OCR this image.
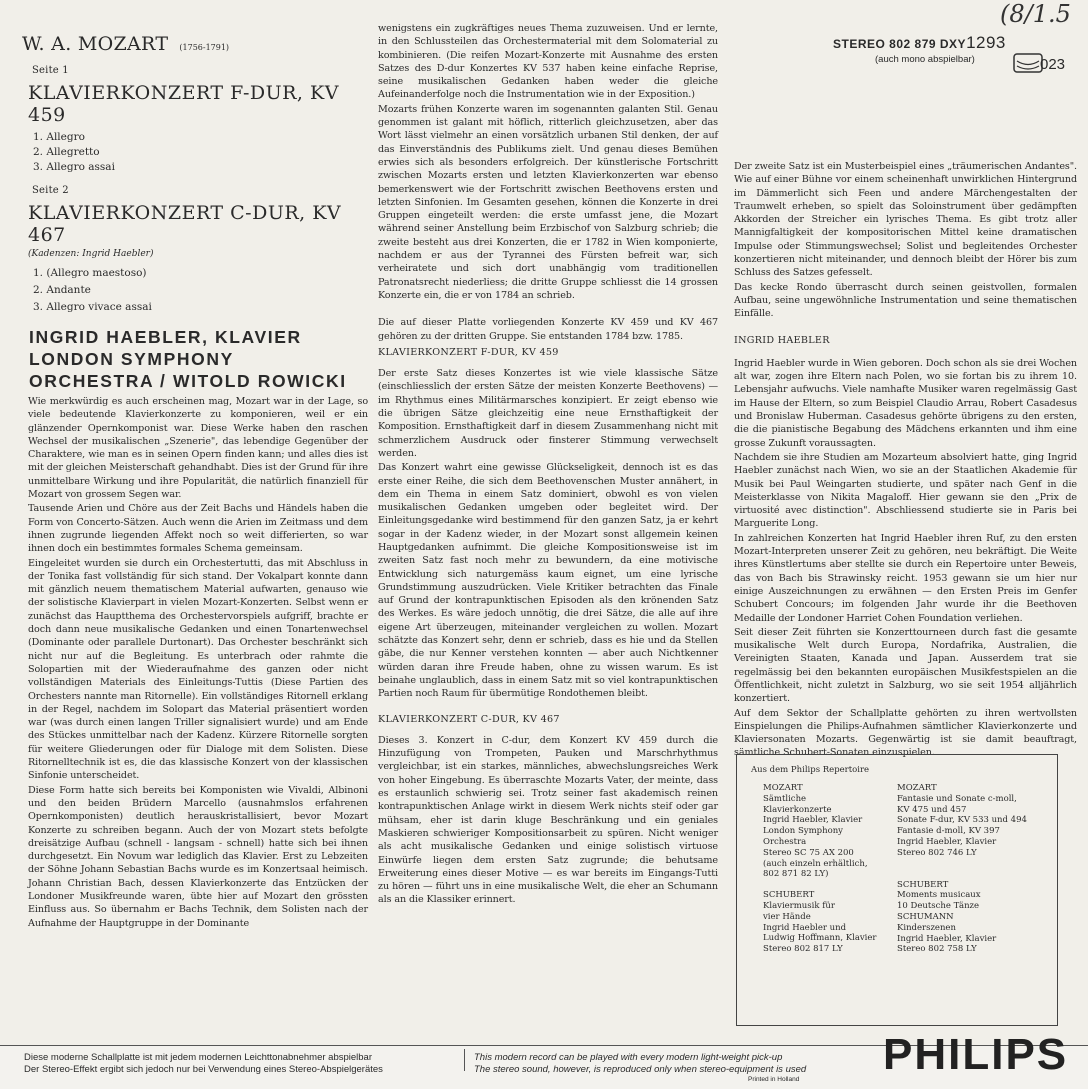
W. A. MOZART (1756-1791)
Seite 1
KLAVIERKONZERT F-DUR, KV 459
1. Allegro
2. Allegretto
3. Allegro assai
Seite 2
KLAVIERKONZERT C-DUR, KV 467
(Kadenzen: Ingrid Haebler)
1. (Allegro maestoso)
2. Andante
3. Allegro vivace assai
INGRID HAEBLER, KLAVIER
LONDON SYMPHONY
ORCHESTRA / WITOLD ROWICKI

Wie merkwürdig es auch erscheinen mag, Mozart war in der Lage, so viele bedeutende Klavierkonzerte zu komponieren, weil er ein glänzender Opernkomponist war. Diese Werke haben den raschen Wechsel der musikalischen „Szenerie", das lebendige Gegenüber der Charaktere, wie man es in seinen Opern finden kann; und alles dies ist mit der gleichen Meisterschaft gehandhabt. Dies ist der Grund für ihre unmittelbare Wirkung und ihre Popularität, die natürlich finanziell für Mozart von grossem Segen war.

Tausende Arien und Chöre aus der Zeit Bachs und Händels haben die Form von Concerto-Sätzen. Auch wenn die Arien im Zeitmass und dem ihnen zugrunde liegenden Affekt noch so weit differierten, so war ihnen doch ein bestimmtes formales Schema gemeinsam.

Eingeleitet wurden sie durch ein Orchestertutti, das mit Abschluss in der Tonika fast vollständig für sich stand. Der Vokalpart konnte dann mit gänzlich neuem thematischem Material aufwarten, genauso wie der solistische Klavierpart in vielen Mozart-Konzerten. Selbst wenn er zunächst das Hauptthema des Orchestervorspiels aufgriff, brachte er doch dann neue musikalische Gedanken und einen Tonartenwechsel (Dominante oder parallele Durtonart). Das Orchester beschränkt sich nicht nur auf die Begleitung. Es unterbrach oder rahmte die Solopartien mit der Wiederaufnahme des ganzen oder nicht vollständigen Materials des Einleitungs-Tuttis (Diese Partien des Orchesters nannte man Ritornelle). Ein vollständiges Ritornell erklang in der Regel, nachdem im Solopart das Material präsentiert worden war (was durch einen langen Triller signalisiert wurde) und am Ende des Stückes unmittelbar nach der Kadenz. Kürzere Ritornelle sorgten für weitere Gliederungen oder für Dialoge mit dem Solisten. Diese Ritornelltechnik ist es, die das klassische Konzert von der klassischen Sinfonie unterscheidet.

Diese Form hatte sich bereits bei Komponisten wie Vivaldi, Albinoni und den beiden Brüdern Marcello (ausnahmslos erfahrenen Opernkomponisten) deutlich herauskristallisiert, bevor Mozart Konzerte zu schreiben begann. Auch der von Mozart stets befolgte dreisätzige Aufbau (schnell - langsam - schnell) hatte sich bei ihnen durchgesetzt. Ein Novum war lediglich das Klavier. Erst zu Lebzeiten der Söhne Johann Sebastian Bachs wurde es im Konzertsaal heimisch. Johann Christian Bach, dessen Klavierkonzerte das Entzücken der Londoner Musikfreunde waren, übte hier auf Mozart den grössten Einfluss aus. So übernahm er Bachs Technik, dem Solisten nach der Aufnahme der Hauptgruppe in der Dominante

wenigstens ein zugkräftiges neues Thema zuzuweisen. Und er lernte, in den Schlussteilen das Orchestermaterial mit dem Solomaterial zu kombinieren. (Die reifen Mozart-Konzerte mit Ausnahme des ersten Satzes des D-dur Konzertes KV 537 haben keine einfache Reprise, seine musikalischen Gedanken haben weder die gleiche Aufeinanderfolge noch die Instrumentation wie in der Exposition.)

Mozarts frühen Konzerte waren im sogenannten galanten Stil. Genau genommen ist galant mit höflich, ritterlich gleichzusetzen, aber das Wort lässt vielmehr an einen vorsätzlich urbanen Stil denken, der auf das Einverständnis des Publikums zielt. Und genau dieses Bemühen erwies sich als besonders erfolgreich. Der künstlerische Fortschritt zwischen Mozarts ersten und letzten Klavierkonzerten war ebenso bemerkenswert wie der Fortschritt zwischen Beethovens ersten und letzten Sinfonien. Im Gesamten gesehen, können die Konzerte in drei Gruppen eingeteilt werden: die erste umfasst jene, die Mozart während seiner Anstellung beim Erzbischof von Salzburg schrieb; die zweite besteht aus drei Konzerten, die er 1782 in Wien komponierte, nachdem er aus der Tyrannei des Fürsten befreit war, sich verheiratete und sich dort unabhängig vom traditionellen Patronatsrecht niederliess; die dritte Gruppe schliesst die 14 grossen Konzerte ein, die er von 1784 an schrieb.

Die auf dieser Platte vorliegenden Konzerte KV 459 und KV 467 gehören zu der dritten Gruppe. Sie entstanden 1784 bzw. 1785.

KLAVIERKONZERT F-DUR, KV 459

Der erste Satz dieses Konzertes ist wie viele klassische Sätze (einschliesslich der ersten Sätze der meisten Konzerte Beethovens) — im Rhythmus eines Militärmarsches konzipiert. Er zeigt ebenso wie die übrigen Sätze gleichzeitig eine neue Ernsthaftigkeit der Komposition. Ernsthaftigkeit darf in diesem Zusammenhang nicht mit schmerzlichem Ausdruck oder finsterer Stimmung verwechselt werden.

Das Konzert wahrt eine gewisse Glückseligkeit, dennoch ist es das erste einer Reihe, die sich dem Beethovenschen Muster annähert, in dem ein Thema in einem Satz dominiert, obwohl es von vielen musikalischen Gedanken umgeben oder begleitet wird. Der Einleitungsgedanke wird bestimmend für den ganzen Satz, ja er kehrt sogar in der Kadenz wieder, in der Mozart sonst allgemein keinen Hauptgedanken aufnimmt. Die gleiche Kompositionsweise ist im zweiten Satz fast noch mehr zu bewundern, da eine motivische Entwicklung sich naturgemäss kaum eignet, um eine lyrische Grundstimmung auszudrücken. Viele Kritiker betrachten das Finale auf Grund der kontrapunktischen Episoden als den krönenden Satz des Werkes. Es wäre jedoch unnötig, die drei Sätze, die alle auf ihre eigene Art überzeugen, miteinander vergleichen zu wollen. Mozart schätzte das Konzert sehr, denn er schrieb, dass es hie und da Stellen gäbe, die nur Kenner verstehen konnten — aber auch Nichtkenner würden daran ihre Freude haben, ohne zu wissen warum. Es ist beinahe unglaublich, dass in einem Satz mit so viel kontrapunktischen Partien noch Raum für übermütige Rondothemen bleibt.

KLAVIERKONZERT C-DUR, KV 467

Dieses 3. Konzert in C-dur, dem Konzert KV 459 durch die Hinzufügung von Trompeten, Pauken und Marschrhythmus vergleichbar, ist ein starkes, männliches, abwechslungsreiches Werk von hoher Eingebung. Es überraschte Mozarts Vater, der meinte, dass es erstaunlich schwierig sei. Trotz seiner fast akademisch reinen kontrapunktischen Anlage wirkt in diesem Werk nichts steif oder gar mühsam, eher ist darin kluge Beschränkung und ein geniales Maskieren schwieriger Kompositionsarbeit zu spüren. Nicht weniger als acht musikalische Gedanken und einige solistisch virtuose Einwürfe liegen dem ersten Satz zugrunde; die behutsame Erweiterung eines dieser Motive — es war bereits im Eingangs-Tutti zu hören — führt uns in eine musikalische Welt, die eher an Schumann als an die Klassiker erinnert.

(8/1.5
STEREO 802 879 DXY1293
(auch mono abspielbar)	023

Der zweite Satz ist ein Musterbeispiel eines „träumerischen Andantes". Wie auf einer Bühne vor einem scheinenhaft unwirklichen Hintergrund im Dämmerlicht sich Feen und andere Märchengestalten der Traumwelt erheben, so spielt das Soloinstrument über gedämpften Akkorden der Streicher ein lyrisches Thema. Es gibt trotz aller Mannigfaltigkeit der kompositorischen Mittel keine dramatischen Impulse oder Stimmungswechsel; Solist und begleitendes Orchester konzertieren nicht miteinander, und dennoch bleibt der Hörer bis zum Schluss des Satzes gefesselt.

Das kecke Rondo überrascht durch seinen geistvollen, formalen Aufbau, seine ungewöhnliche Instrumentation und seine thematischen Einfälle.

INGRID HAEBLER

Ingrid Haebler wurde in Wien geboren. Doch schon als sie drei Wochen alt war, zogen ihre Eltern nach Polen, wo sie fortan bis zu ihrem 10. Lebensjahr aufwuchs. Viele namhafte Musiker waren regelmässig Gast im Hause der Eltern, so zum Beispiel Claudio Arrau, Robert Casadesus und Bronislaw Huberman. Casadesus gehörte übrigens zu den ersten, die die pianistische Begabung des Mädchens erkannten und ihm eine grosse Zukunft voraussagten.

Nachdem sie ihre Studien am Mozarteum absolviert hatte, ging Ingrid Haebler zunächst nach Wien, wo sie an der Staatlichen Akademie für Musik bei Paul Weingarten studierte, und später nach Genf in die Meisterklasse von Nikita Magaloff. Hier gewann sie den „Prix de virtuosité avec distinction". Abschliessend studierte sie in Paris bei Marguerite Long.

In zahlreichen Konzerten hat Ingrid Haebler ihren Ruf, zu den ersten Mozart-Interpreten unserer Zeit zu gehören, neu bekräftigt. Die Weite ihres Künstlertums aber stellte sie durch ein Repertoire unter Beweis, das von Bach bis Strawinsky reicht. 1953 gewann sie um hier nur einige Auszeichnungen zu erwähnen — den Ersten Preis im Genfer Schubert Concours; im folgenden Jahr wurde ihr die Beethoven Medaille der Londoner Harriet Cohen Foundation verliehen.

Seit dieser Zeit führten sie Konzerttourneen durch fast die gesamte musikalische Welt durch Europa, Nordafrika, Australien, die Vereinigten Staaten, Kanada und Japan. Ausserdem trat sie regelmässig bei den bekannten europäischen Musikfestspielen an die Öffentlichkeit, nicht zuletzt in Salzburg, wo sie seit 1954 alljährlich konzertiert.

Auf dem Sektor der Schallplatte gehörten zu ihren wertvollsten Einspielungen die Philips-Aufnahmen sämtlicher Klavierkonzerte und Klaviersonaten Mozarts. Gegenwärtig ist sie damit beauftragt, sämtliche Schubert-Sonaten einzuspielen.

Aus dem Philips Repertoire
MOZART
Sämtliche
Klavierkonzerte
Ingrid Haebler, Klavier
London Symphony
Orchestra
Stereo SC 75 AX 200
(auch einzeln erhältlich,
802 871 82 LY)
SCHUBERT
Klaviermusik für
vier Hände
Ingrid Haebler und
Ludwig Hoffmann, Klavier
Stereo 802 817 LY
MOZART
Fantasie und Sonate c-moll,
KV 475 und 457
Sonate F-dur, KV 533 und 494
Fantasie d-moll, KV 397
Ingrid Haebler, Klavier
Stereo 802 746 LY
SCHUBERT
Moments musicaux
10 Deutsche Tänze
SCHUMANN
Kinderszenen
Ingrid Haebler, Klavier
Stereo 802 758 LY
Diese moderne Schallplatte ist mit jedem modernen Leichttonabnehmer abspielbar
Der Stereo-Effekt ergibt sich jedoch nur bei Verwendung eines Stereo-Abspielgerätes
This modern record can be played with every modern light-weight pick-up
The stereo sound, however, is reproduced only when stereo-equipment is used
Printed in Holland
PHILIPS
